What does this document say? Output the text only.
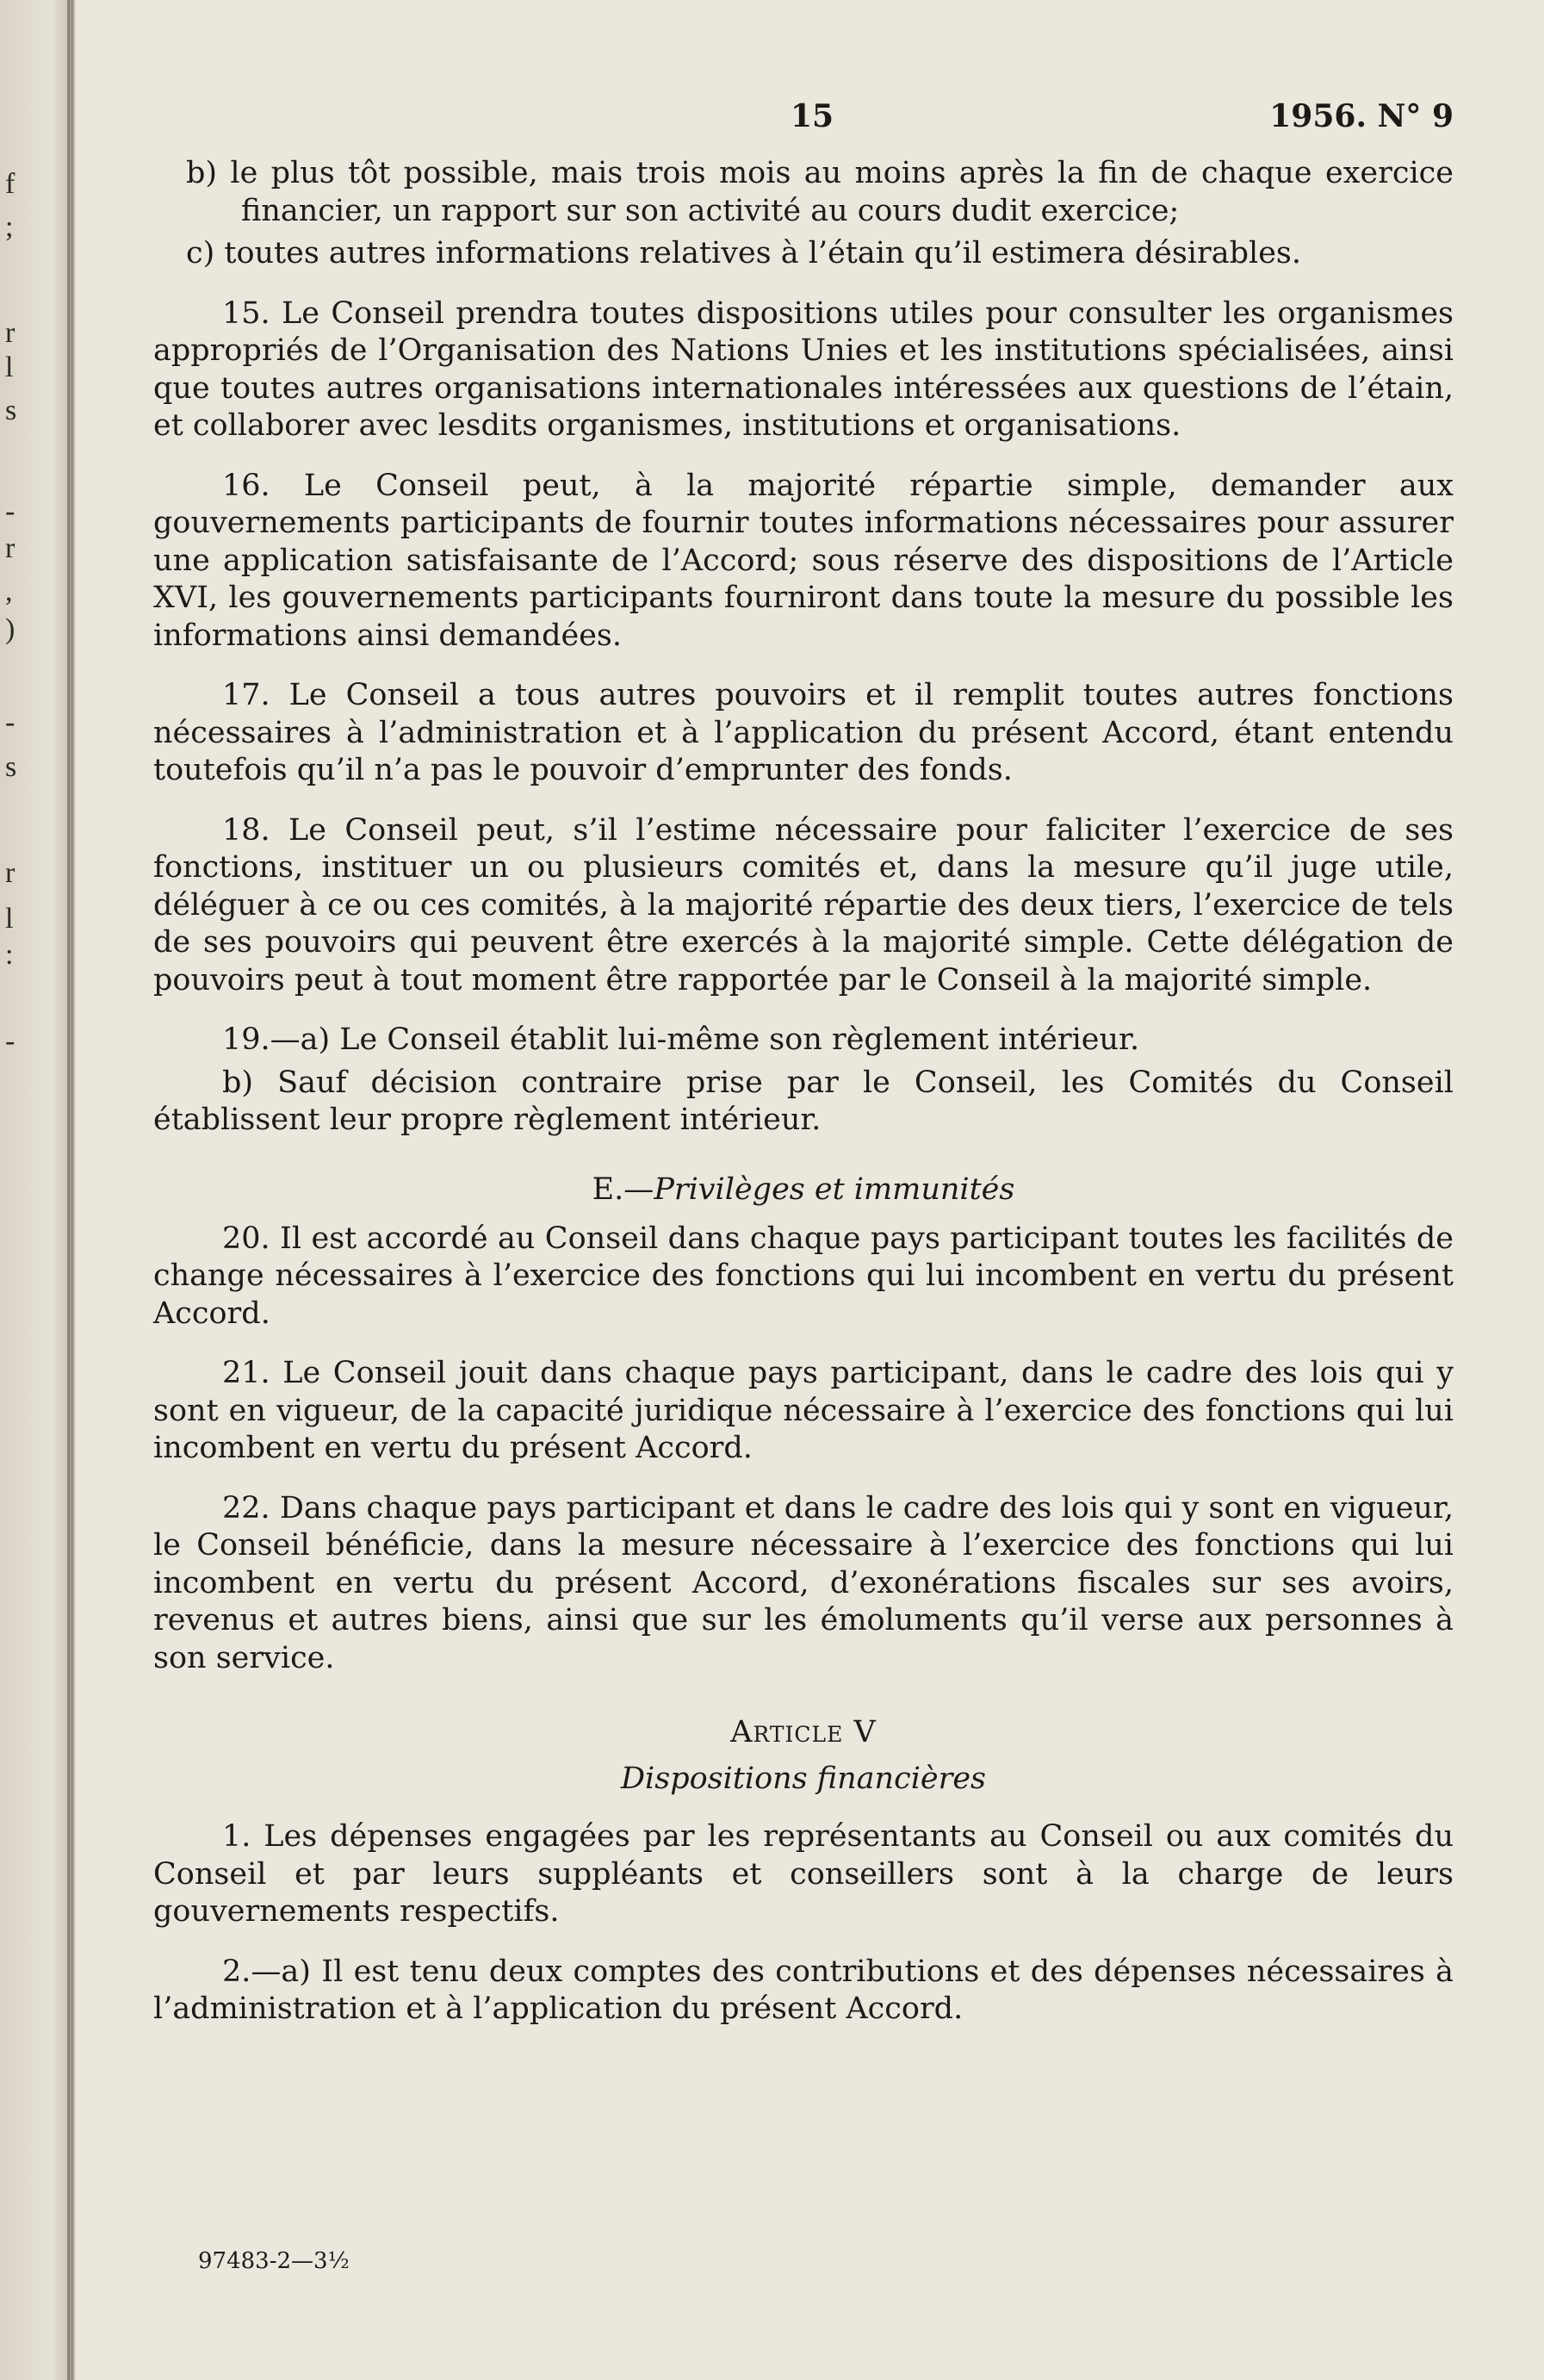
f
;
r
l
s
-
r
,
)
-
s
r
l
:
-
15	1956. N° 9

b) le plus tôt possible, mais trois mois au moins après la fin de chaque exercice financier, un rapport sur son activité au cours dudit exercice;

c) toutes autres informations relatives à l’étain qu’il estimera désirables.

15. Le Conseil prendra toutes dispositions utiles pour consulter les organismes appropriés de l’Organisation des Nations Unies et les institutions spécialisées, ainsi que toutes autres organisations internationales intéressées aux questions de l’étain, et collaborer avec lesdits organismes, institutions et organisations.

16. Le Conseil peut, à la majorité répartie simple, demander aux gouvernements participants de fournir toutes informations nécessaires pour assurer une application satisfaisante de l’Accord; sous réserve des dispositions de l’Article XVI, les gouvernements participants fourniront dans toute la mesure du possible les informations ainsi demandées.

17. Le Conseil a tous autres pouvoirs et il remplit toutes autres fonctions nécessaires à l’administration et à l’application du présent Accord, étant entendu toutefois qu’il n’a pas le pouvoir d’emprunter des fonds.

18. Le Conseil peut, s’il l’estime nécessaire pour faliciter l’exercice de ses fonctions, instituer un ou plusieurs comités et, dans la mesure qu’il juge utile, déléguer à ce ou ces comités, à la majorité répartie des deux tiers, l’exercice de tels de ses pouvoirs qui peuvent être exercés à la majorité simple. Cette délégation de pouvoirs peut à tout moment être rapportée par le Conseil à la majorité simple.

19.—a) Le Conseil établit lui-même son règlement intérieur.

b) Sauf décision contraire prise par le Conseil, les Comités du Conseil établissent leur propre règlement intérieur.

E.—Privilèges et immunités

20. Il est accordé au Conseil dans chaque pays participant toutes les facilités de change nécessaires à l’exercice des fonctions qui lui incombent en vertu du présent Accord.

21. Le Conseil jouit dans chaque pays participant, dans le cadre des lois qui y sont en vigueur, de la capacité juridique nécessaire à l’exercice des fonctions qui lui incombent en vertu du présent Accord.

22. Dans chaque pays participant et dans le cadre des lois qui y sont en vigueur, le Conseil bénéficie, dans la mesure nécessaire à l’exercice des fonctions qui lui incombent en vertu du présent Accord, d’exonérations fiscales sur ses avoirs, revenus et autres biens, ainsi que sur les émoluments qu’il verse aux personnes à son service.

Article V
Dispositions financières

1. Les dépenses engagées par les représentants au Conseil ou aux comités du Conseil et par leurs suppléants et conseillers sont à la charge de leurs gouvernements respectifs.

2.—a) Il est tenu deux comptes des contributions et des dépenses nécessaires à l’administration et à l’application du présent Accord.

97483-2—3½
